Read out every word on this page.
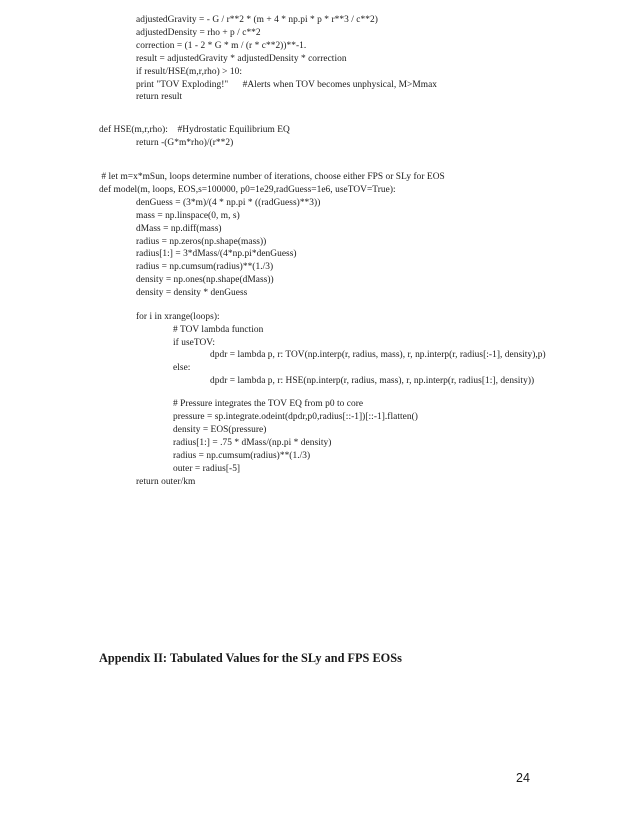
adjustedGravity = - G / r**2 * (m + 4 * np.pi * p * r**3 / c**2)
adjustedDensity = rho + p / c**2
correction = (1 - 2 * G * m / (r * c**2))**-1.
result = adjustedGravity * adjustedDensity * correction
if result/HSE(m,r,rho) > 10:
print "TOV Exploding!"      #Alerts when TOV becomes unphysical, M>Mmax
return result
def HSE(m,r,rho):    #Hydrostatic Equilibrium EQ
return -(G*m*rho)/(r**2)
# let m=x*mSun, loops determine number of iterations, choose either FPS or SLy for EOS
def model(m, loops, EOS,s=100000, p0=1e29,radGuess=1e6, useTOV=True):
denGuess = (3*m)/(4 * np.pi * ((radGuess)**3))
mass = np.linspace(0, m, s)
dMass = np.diff(mass)
radius = np.zeros(np.shape(mass))
radius[1:] = 3*dMass/(4*np.pi*denGuess)
radius = np.cumsum(radius)**(1./3)
density = np.ones(np.shape(dMass))
density = density * denGuess
for i in xrange(loops):
# TOV lambda function
if useTOV:
dpdr = lambda p, r: TOV(np.interp(r, radius, mass), r, np.interp(r, radius[:-1], density),p)
else:
dpdr = lambda p, r: HSE(np.interp(r, radius, mass), r, np.interp(r, radius[1:], density))
# Pressure integrates the TOV EQ from p0 to core
pressure = sp.integrate.odeint(dpdr,p0,radius[::-1])[::-1].flatten()
density = EOS(pressure)
radius[1:] = .75 * dMass/(np.pi * density)
radius = np.cumsum(radius)**(1./3)
outer = radius[-5]
return outer/km
Appendix II: Tabulated Values for the SLy and FPS EOSs
24
